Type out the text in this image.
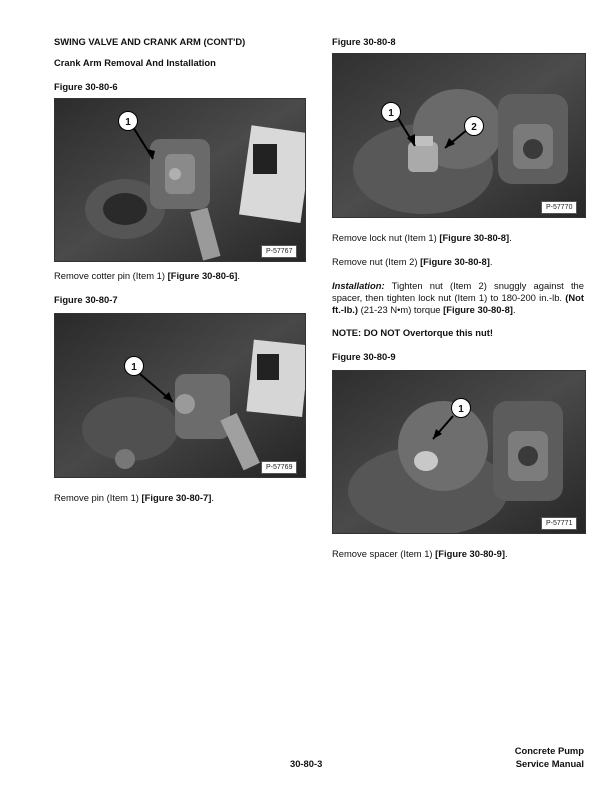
SWING VALVE AND CRANK ARM (CONT'D)

Crank Arm Removal And Installation

Figure 30-80-6

1
P-57767

Remove cotter pin (Item 1) [Figure 30-80-6].

Figure 30-80-7

1
P-57769

Remove pin (Item 1) [Figure 30-80-7].

Figure 30-80-8

1
2
P-57770

Remove lock nut (Item 1) [Figure 30-80-8].

Remove nut (Item 2) [Figure 30-80-8].

Installation: Tighten nut (Item 2) snuggly against the spacer, then tighten lock nut (Item 1) to 180-200 in.-lb. (Not ft.-lb.) (21-23 N•m) torque [Figure 30-80-8].

NOTE: DO NOT Overtorque this nut!

Figure 30-80-9

1
P-57771

Remove spacer (Item 1) [Figure 30-80-9].

30-80-3

Concrete Pump

Service Manual
